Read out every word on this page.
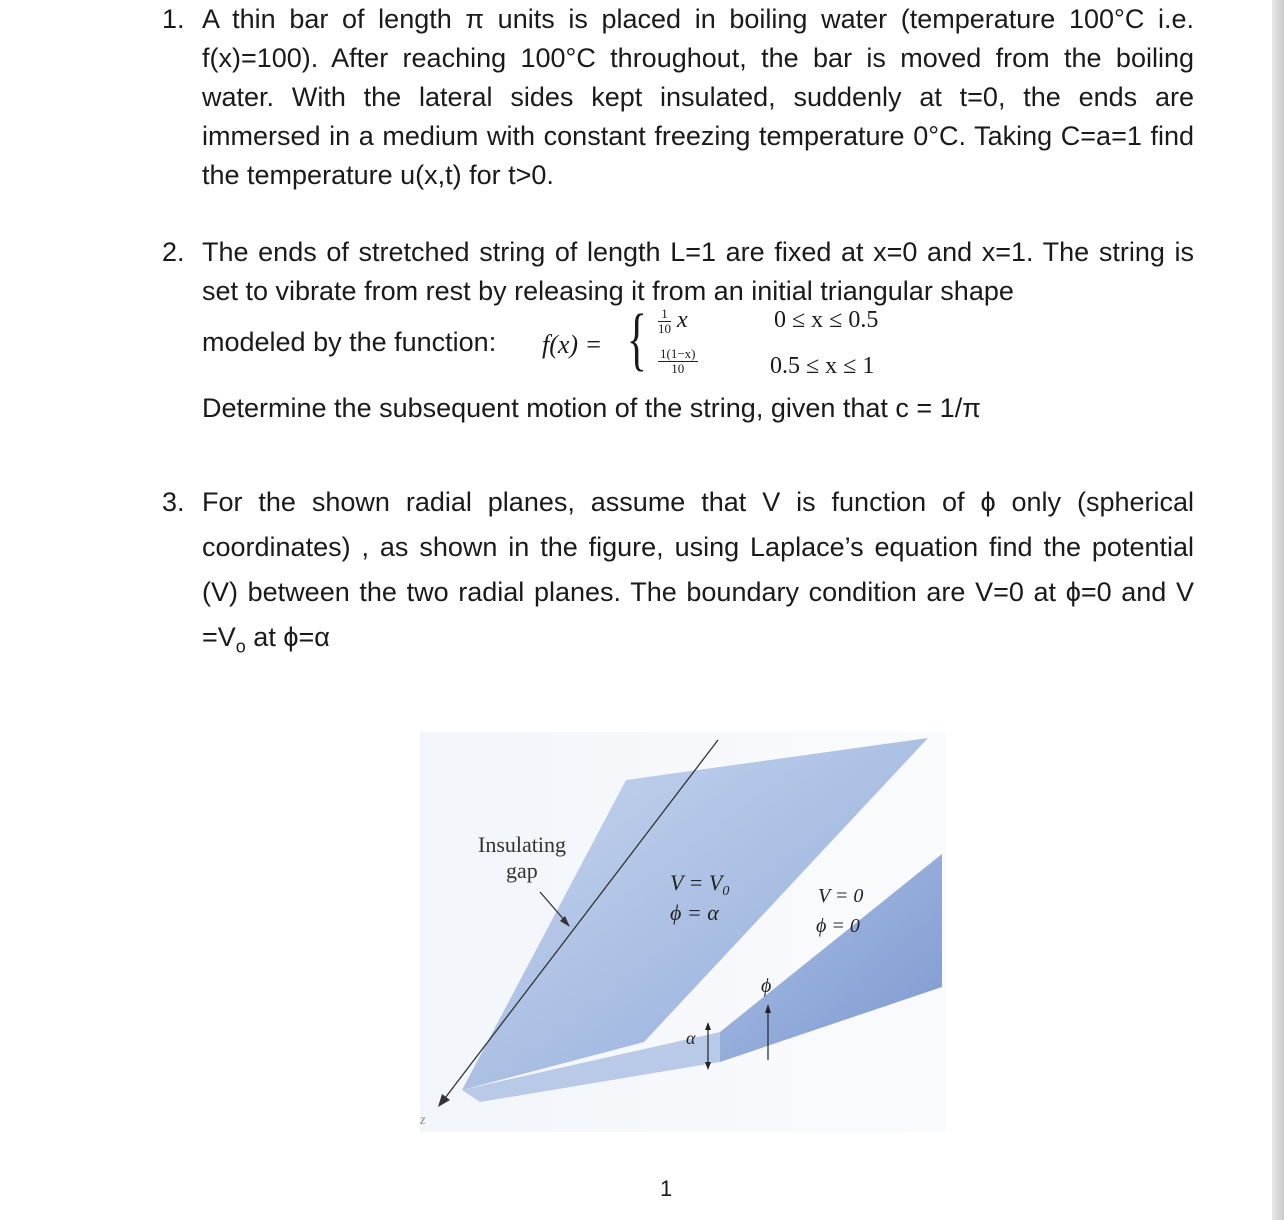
1. A thin bar of length π units is placed in boiling water (temperature 100°C i.e. f(x)=100). After reaching 100°C throughout, the bar is moved from the boiling water. With the lateral sides kept insulated, suddenly at t=0, the ends are immersed in a medium with constant freezing temperature 0°C. Taking C=a=1 find the temperature u(x,t) for t>0.

2. The ends of stretched string of length L=1 are fixed at x=0 and x=1. The string is set to vibrate from rest by releasing it from an initial triangular shape

modeled by the function: f(x) = { $\frac{1}{10}$ x	0 ≤ x ≤ 0.5
$\frac{1(1-x)}{10}$	0.5 ≤ x ≤ 1

Determine the subsequent motion of the string, given that c = 1/π

3. For the shown radial planes, assume that V is function of ϕ only (spherical coordinates) , as shown in the figure, using Laplace’s equation find the potential (V) between the two radial planes. The boundary condition are V=0 at ϕ=0 and $V =V_o$ at ϕ=α

z
Insulating
gap	$V = V_0$
ϕ = α
V = 0
ϕ = 0
α
ϕ
1
